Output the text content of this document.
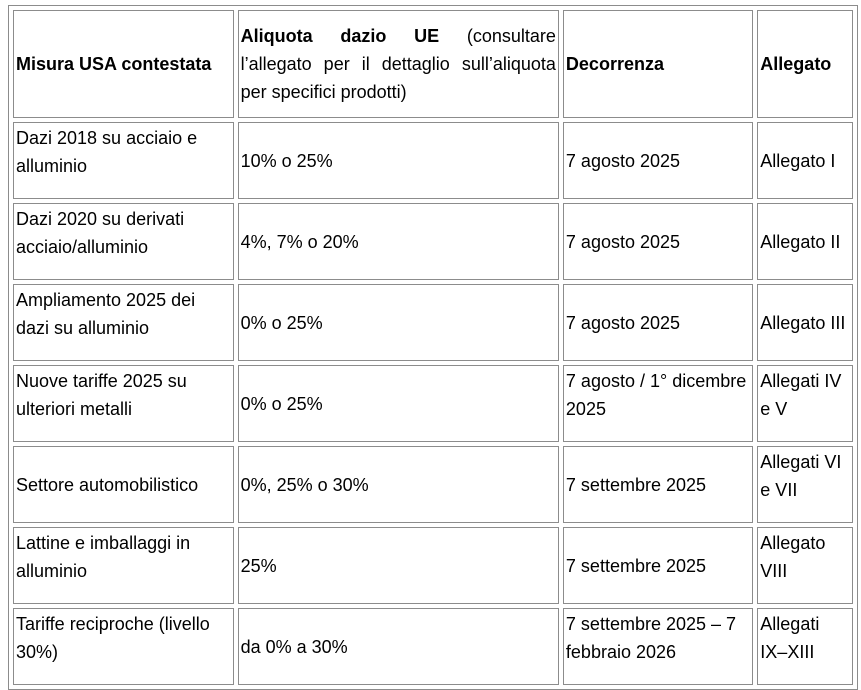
Misura USA contestata	Aliquota dazio UE (consultare l’allegato per il dettaglio sull’aliquota per specifici prodotti)	Decorrenza	Allegato
Dazi 2018 su acciaio e alluminio	10% o 25%	7 agosto 2025	Allegato I
Dazi 2020 su derivati acciaio/alluminio	4%, 7% o 20%	7 agosto 2025	Allegato II
Ampliamento 2025 dei dazi su alluminio	0% o 25%	7 agosto 2025	Allegato III
Nuove tariffe 2025 su ulteriori metalli	0% o 25%	7 agosto / 1° dicembre 2025	Allegati IV e V
Settore automobilistico	0%, 25% o 30%	7 settembre 2025	Allegati VI e VII
Lattine e imballaggi in alluminio	25%	7 settembre 2025	Allegato VIII
Tariffe reciproche (livello 30%)	da 0% a 30%	7 settembre 2025 – 7 febbraio 2026	Allegati IX–XIII
